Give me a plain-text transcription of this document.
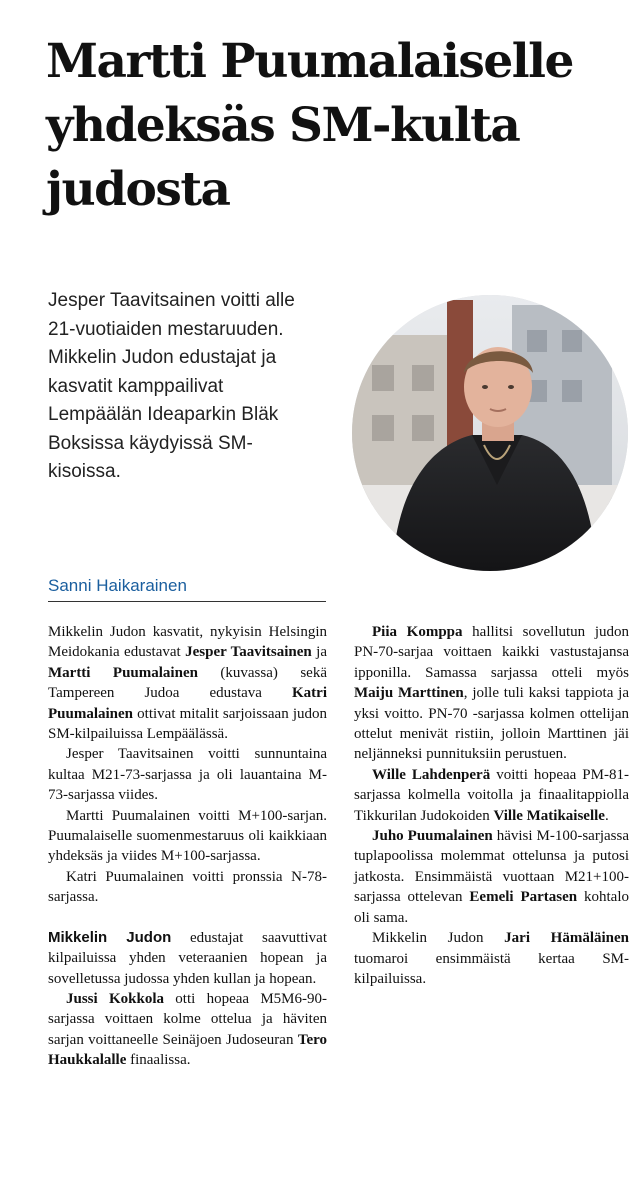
Martti Puumalaiselle yhdeksäs SM-kulta judosta

Jesper Taavitsainen voitti alle 21-vuotiaiden mestaruuden. Mikkelin Judon edustajat ja kasvatit kamppailivat Lempäälän Ideaparkin Bläk Boksissa käydyissä SM-kisoissa.

Sanni Haikarainen

Mikkelin Judon kasvatit, nykyisin Helsingin Meidokania edustavat Jesper Taavitsainen ja Martti Puumalainen (kuvassa) sekä Tampereen Judoa edustava Katri Puumalainen ottivat mitalit sarjoissaan judon SM-kilpailuissa Lempäälässä.

Jesper Taavitsainen voitti sunnuntaina kultaa M21-73-sarjassa ja oli lauantaina M-73-sarjassa viides.

Martti Puumalainen voitti M+100-sarjan. Puumalaiselle suomenmestaruus oli kaikkiaan yhdeksäs ja viides M+100-sarjassa.

Katri Puumalainen voitti pronssia N-78-sarjassa.

Mikkelin Judon edustajat saavuttivat kilpailuissa yhden veteraanien hopean ja sovelletussa judossa yhden kullan ja hopean.

Jussi Kokkola otti hopeaa M5M6-90-sarjassa voittaen kolme ottelua ja häviten sarjan voittaneelle Seinäjoen Judoseuran Tero Haukkalalle finaalissa.

Piia Komppa hallitsi sovellutun judon PN-70-sarjaa voittaen kaikki vastustajansa ipponilla. Samassa sarjassa otteli myös Maiju Marttinen, jolle tuli kaksi tappiota ja yksi voitto. PN-70 -sarjassa kolmen ottelijan ottelut menivät ristiin, jolloin Marttinen jäi neljänneksi punnituksiin perustuen.

Wille Lahdenperä voitti hopeaa PM-81-sarjassa kolmella voitolla ja finaalitappiolla Tikkurilan Judokoiden Ville Matikaiselle.

Juho Puumalainen hävisi M-100-sarjassa tuplapoolissa molemmat ottelunsa ja putosi jatkosta. Ensimmäistä vuottaan M21+100-sarjassa ottelevan Eemeli Partasen kohtalo oli sama.

Mikkelin Judon Jari Hämäläinen tuomaroi ensimmäistä kertaa SM-kilpailuissa.
